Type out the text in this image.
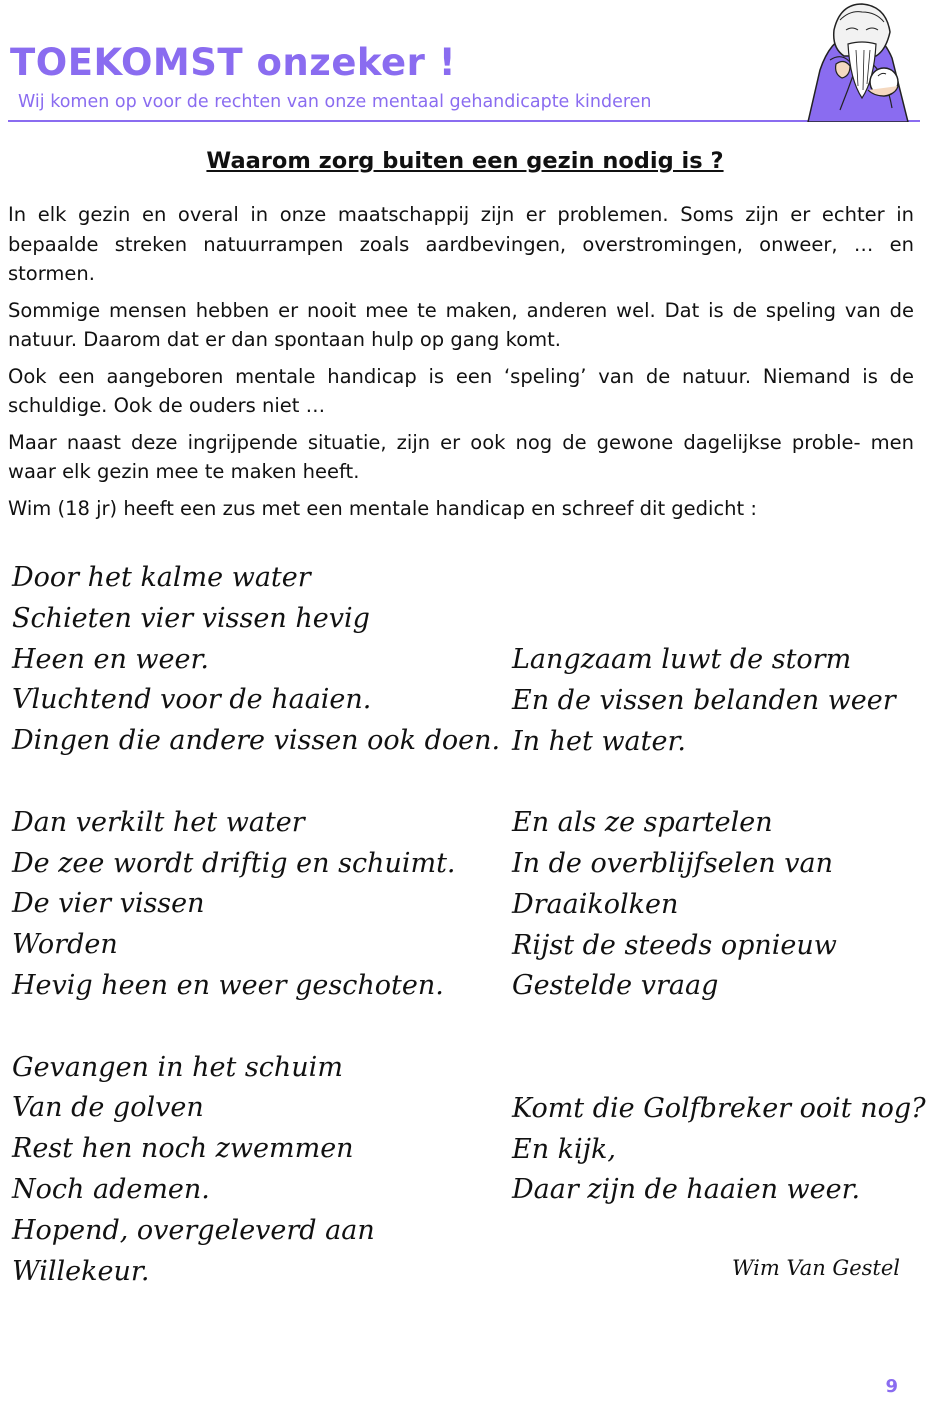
TOEKOMST onzeker !
Wij komen op voor de rechten van onze mentaal gehandicapte kinderen
Waarom zorg buiten een gezin nodig is ?

In elk gezin en overal in onze maatschappij zijn er problemen. Soms zijn er echter in bepaalde streken natuurrampen zoals aardbevingen, overstromingen, onweer, … en stormen.

Sommige mensen hebben er nooit mee te maken, anderen wel. Dat is de speling van de natuur. Daarom dat er dan spontaan hulp op gang komt.

Ook een aangeboren mentale handicap is een ‘speling’ van de natuur. Niemand is de schuldige. Ook de ouders niet …

Maar naast deze ingrijpende situatie, zijn er ook nog de gewone dagelijkse proble- men waar elk gezin mee te maken heeft.

Wim (18 jr) heeft een zus met een mentale handicap en schreef dit gedicht :

Door het kalme water
Schieten vier vissen hevig
Heen en weer.
Vluchtend voor de haaien.
Dingen die andere vissen ook doen.
Dan verkilt het water
De zee wordt driftig en schuimt.
De vier vissen
Worden
Hevig heen en weer geschoten.
Gevangen in het schuim
Van de golven
Rest hen noch zwemmen
Noch ademen.
Hopend, overgeleverd aan
Willekeur.
Langzaam luwt de storm
En de vissen belanden weer
In het water.
En als ze spartelen
In de overblijfselen van
Draaikolken
Rijst de steeds opnieuw
Gestelde vraag
Komt die Golfbreker ooit nog?
En kijk,
Daar zijn de haaien weer.
Wim Van Gestel
9
